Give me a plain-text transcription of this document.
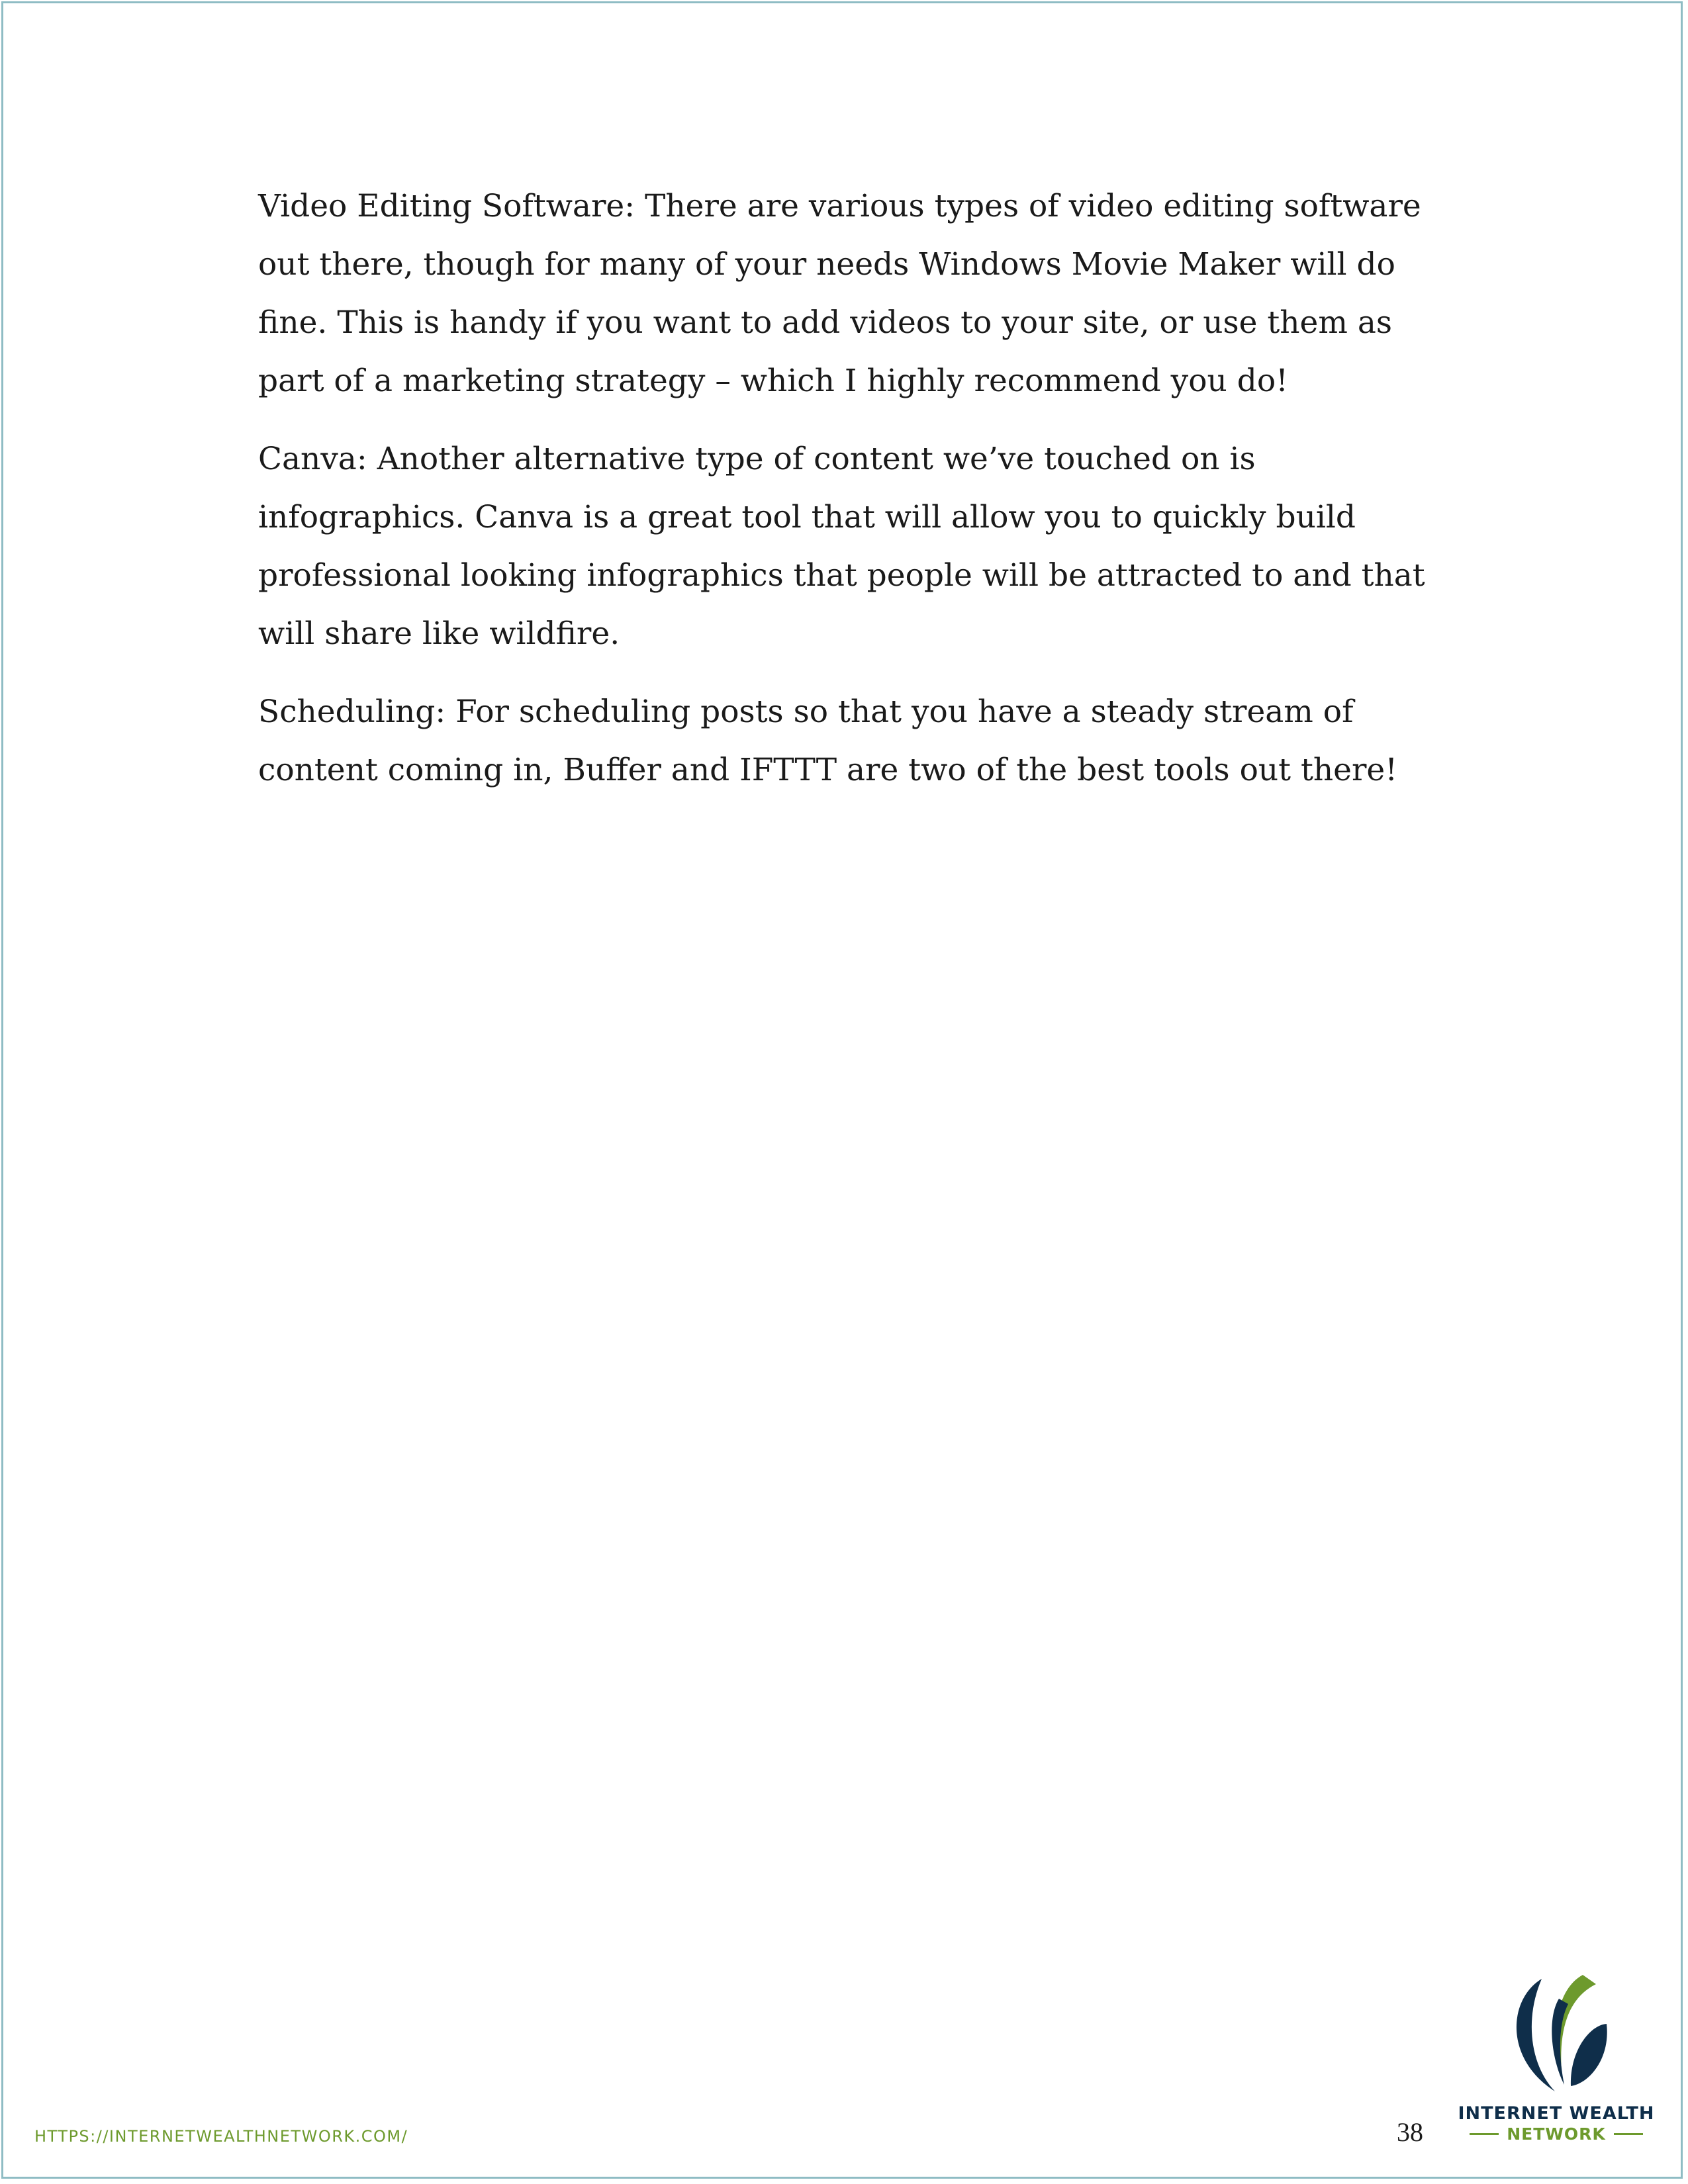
Video Editing Software: There are various types of video editing software out there, though for many of your needs Windows Movie Maker will do fine. This is handy if you want to add videos to your site, or use them as part of a marketing strategy – which I highly recommend you do!

Canva: Another alternative type of content we’ve touched on is infographics. Canva is a great tool that will allow you to quickly build professional looking infographics that people will be attracted to and that will share like wildfire.

Scheduling: For scheduling posts so that you have a steady stream of content coming in, Buffer and IFTTT are two of the best tools out there!

HTTPS://INTERNETWEALTHNETWORK.COM/	38
INTERNET WEALTH
NETWORK
